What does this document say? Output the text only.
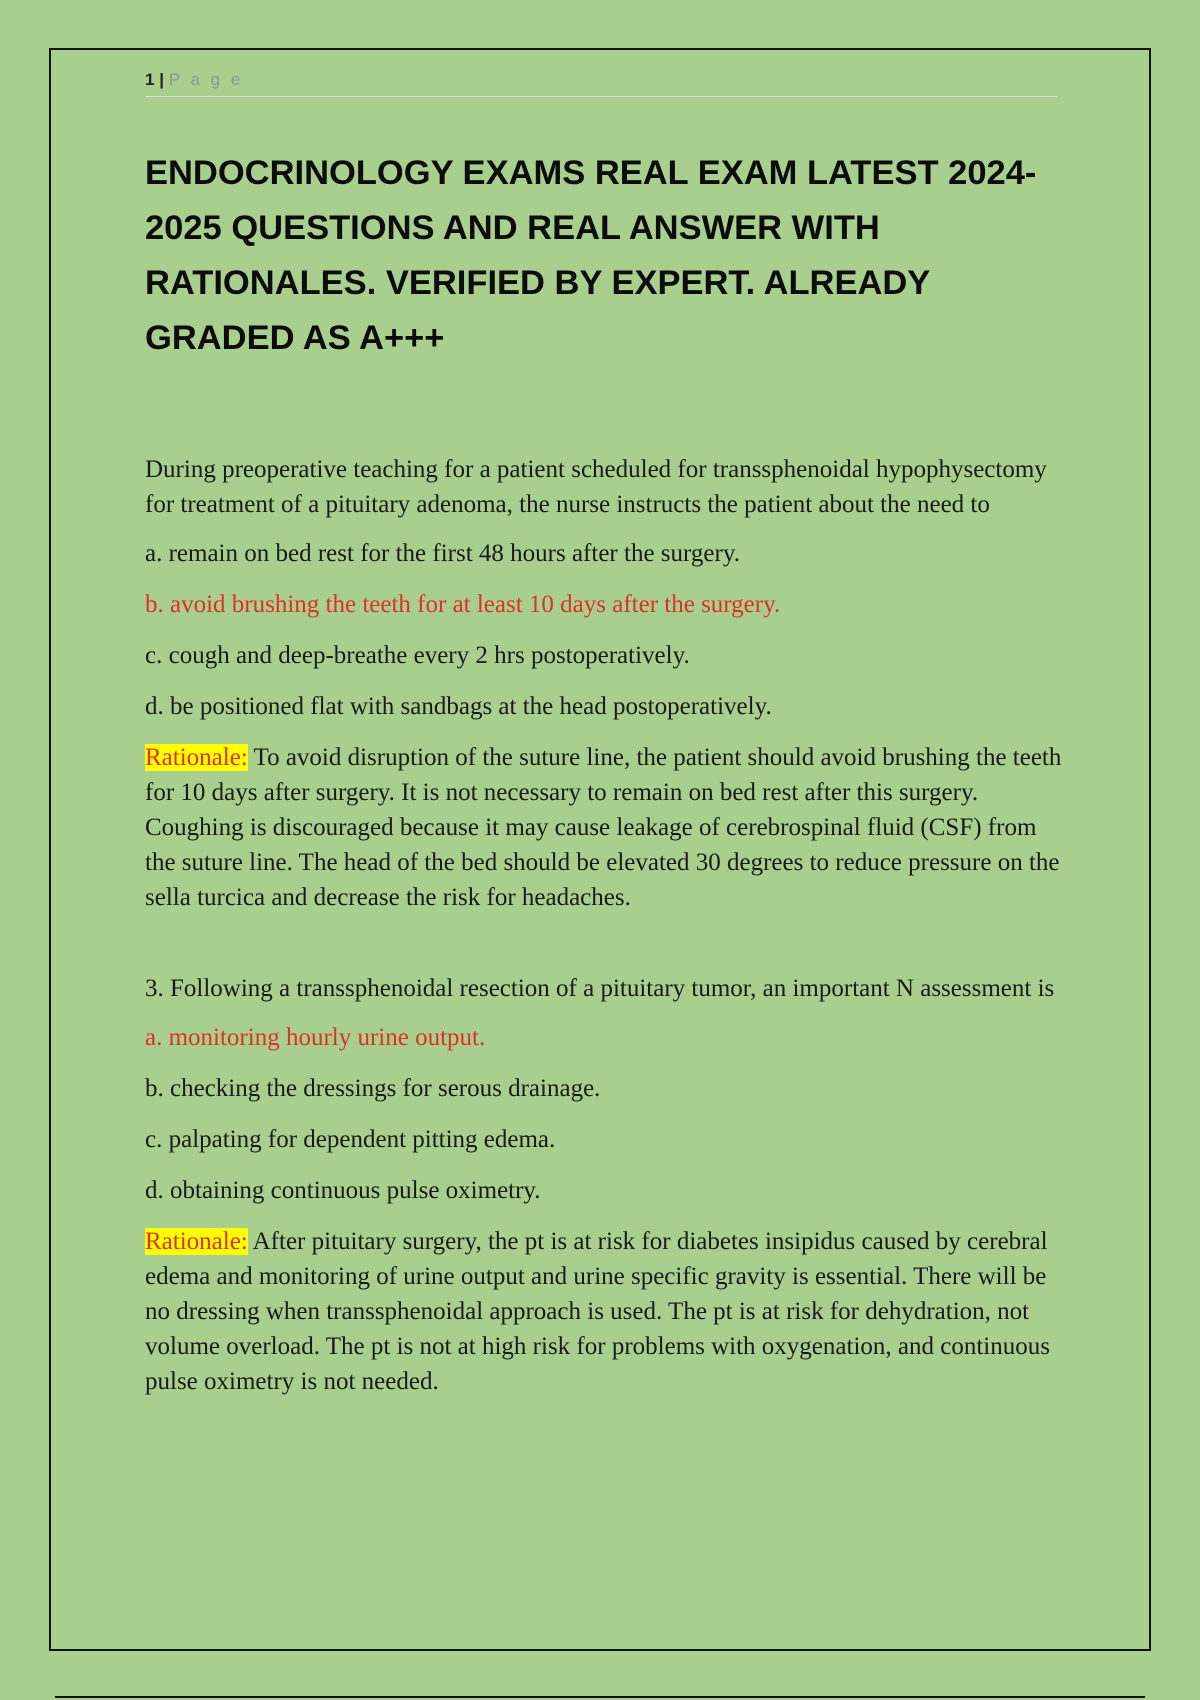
1 | P a g e
ENDOCRINOLOGY EXAMS REAL EXAM LATEST 2024-2025 QUESTIONS AND REAL ANSWER WITH RATIONALES. VERIFIED BY EXPERT. ALREADY GRADED AS A+++

During preoperative teaching for a patient scheduled for transsphenoidal hypophysectomy for treatment of a pituitary adenoma, the nurse instructs the patient about the need to

a. remain on bed rest for the first 48 hours after the surgery.

b. avoid brushing the teeth for at least 10 days after the surgery.

c. cough and deep-breathe every 2 hrs postoperatively.

d. be positioned flat with sandbags at the head postoperatively.

Rationale: To avoid disruption of the suture line, the patient should avoid brushing the teeth for 10 days after surgery. It is not necessary to remain on bed rest after this surgery. Coughing is discouraged because it may cause leakage of cerebrospinal fluid (CSF) from the suture line. The head of the bed should be elevated 30 degrees to reduce pressure on the sella turcica and decrease the risk for headaches.

3. Following a transsphenoidal resection of a pituitary tumor, an important N assessment is

a. monitoring hourly urine output.

b. checking the dressings for serous drainage.

c. palpating for dependent pitting edema.

d. obtaining continuous pulse oximetry.

Rationale: After pituitary surgery, the pt is at risk for diabetes insipidus caused by cerebral edema and monitoring of urine output and urine specific gravity is essential. There will be no dressing when transsphenoidal approach is used. The pt is at risk for dehydration, not volume overload. The pt is not at high risk for problems with oxygenation, and continuous pulse oximetry is not needed.
